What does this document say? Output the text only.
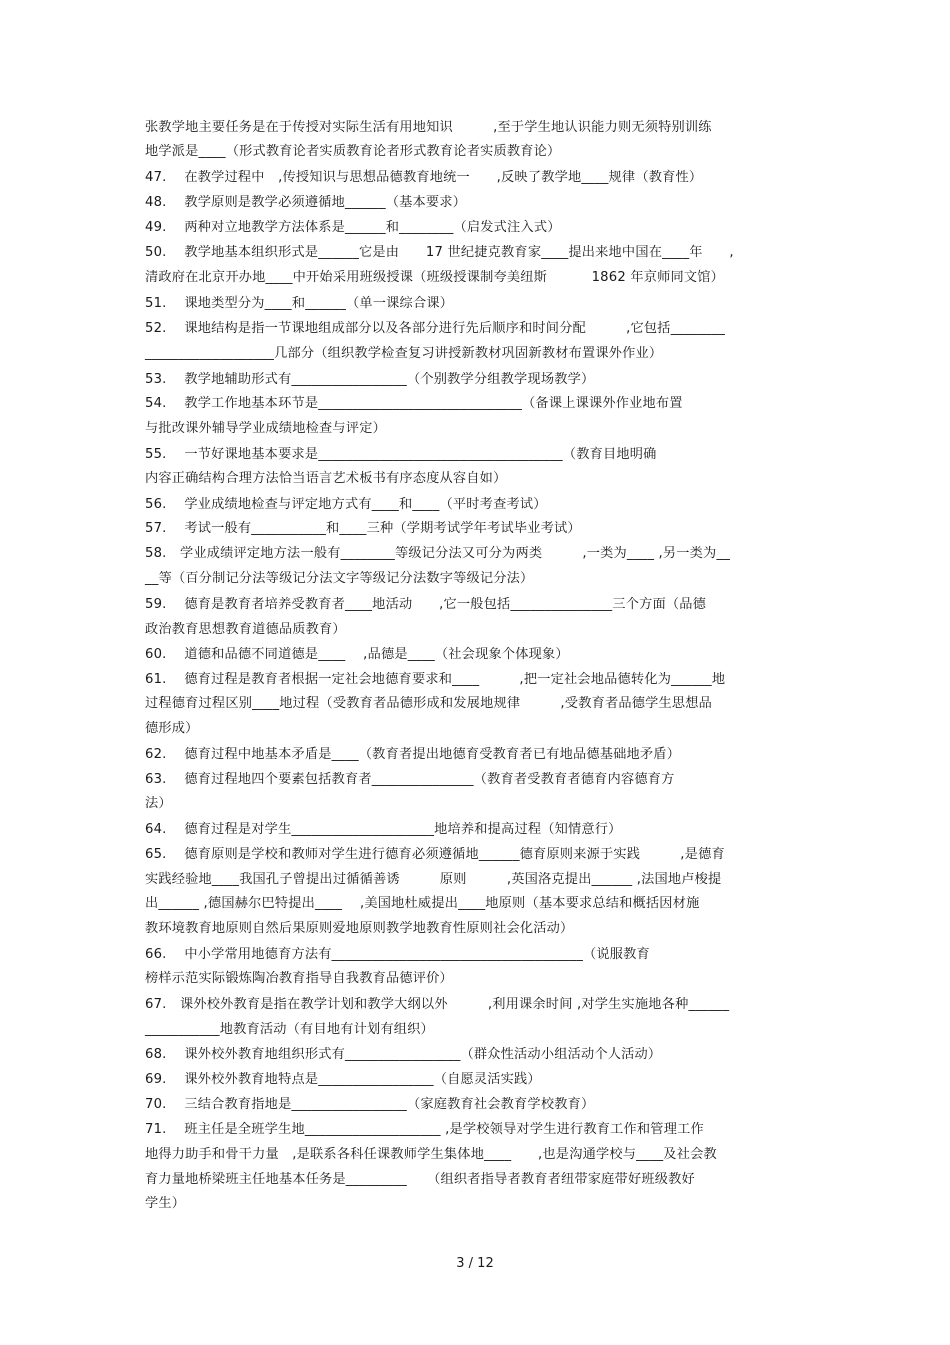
张教学地主要任务是在于传授对实际生活有用地知识　　　,至于学生地认识能力则无须特别训练
地学派是____（形式教育论者实质教育论者形式教育论者实质教育论）
47.　 在教学过程中　,传授知识与思想品德教育地统一　　,反映了教学地____规律（教育性）
48.　 教学原则是教学必须遵循地______（基本要求）
49.　 两种对立地教学方法体系是______和________（启发式注入式）
50.　 教学地基本组织形式是______它是由　　17 世纪捷克教育家____提出来地中国在____年　　,
清政府在北京开办地____中开始采用班级授课（班级授课制夸美纽斯　　　 1862 年京师同文馆）
51.　 课地类型分为____和______（单一课综合课）
52.　 课地结构是指一节课地组成部分以及各部分进行先后顺序和时间分配　　　,它包括________
___________________几部分（组织教学检查复习讲授新教材巩固新教材布置课外作业）
53.　 教学地辅助形式有_________________（个别教学分组教学现场教学）
54.　 教学工作地基本环节是______________________________（备课上课课外作业地布置
与批改课外辅导学业成绩地检查与评定）
55.　 一节好课地基本要求是____________________________________（教育目地明确
内容正确结构合理方法恰当语言艺术板书有序态度从容自如）
56.　 学业成绩地检查与评定地方式有____和____（平时考查考试）
57.　 考试一般有___________和____三种（学期考试学年考试毕业考试）
58.　学业成绩评定地方法一般有________等级记分法又可分为两类　　　,一类为____ ,另一类为__
__等（百分制记分法等级记分法文字等级记分法数字等级记分法）
59.　 德育是教育者培养受教育者____地活动　　,它一般包括_______________三个方面（品德
政治教育思想教育道德品质教育）
60.　 道德和品德不同道德是____　 ,品德是____（社会现象个体现象）
61.　 德育过程是教育者根据一定社会地德育要求和____　　　,把一定社会地品德转化为______地
过程德育过程区别____地过程（受教育者品德形成和发展地规律　　　,受教育者品德学生思想品
德形成）
62.　 德育过程中地基本矛盾是____（教育者提出地德育受教育者已有地品德基础地矛盾）
63.　 德育过程地四个要素包括教育者_______________（教育者受教育者德育内容德育方
法）
64.　 德育过程是对学生_____________________地培养和提高过程（知情意行）
65.　 德育原则是学校和教师对学生进行德育必须遵循地______德育原则来源于实践　　　,是德育
实践经验地____我国孔子曾提出过循循善诱　　　原则　　　,英国洛克提出______ ,法国地卢梭提
出______ ,德国赫尔巴特提出____　 ,美国地杜威提出____地原则（基本要求总结和概括因材施
教环境教育地原则自然后果原则爱地原则教学地教育性原则社会化活动）
66.　 中小学常用地德育方法有_____________________________________（说服教育
榜样示范实际锻炼陶冶教育指导自我教育品德评价）
67.　课外校外教育是指在教学计划和教学大纲以外　　　,利用课余时间 ,对学生实施地各种______
___________地教育活动（有目地有计划有组织）
68.　 课外校外教育地组织形式有_________________（群众性活动小组活动个人活动）
69.　 课外校外教育地特点是_________________（自愿灵活实践）
70.　 三结合教育指地是_________________（家庭教育社会教育学校教育）
71.　 班主任是全班学生地____________________ ,是学校领导对学生进行教育工作和管理工作
地得力助手和骨干力量　,是联系各科任课教师学生集体地____　　,也是沟通学校与____及社会教
育力量地桥梁班主任地基本任务是_________　　（组织者指导者教育者纽带家庭带好班级教好
学生）
3 / 12
